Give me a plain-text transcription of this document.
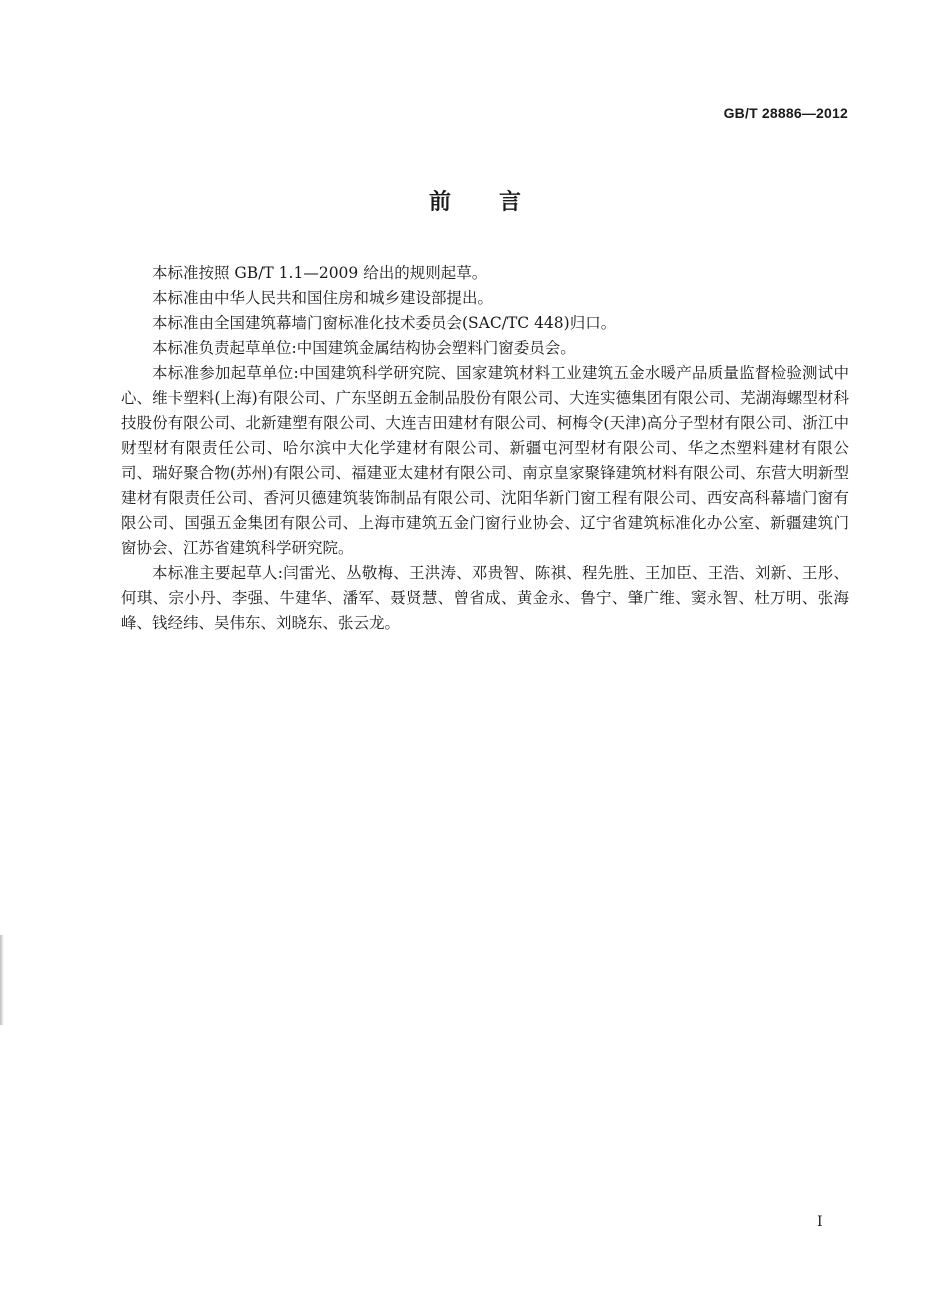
GB/T 28886—2012
前言

本标准按照 GB/T 1.1—2009 给出的规则起草。

本标准由中华人民共和国住房和城乡建设部提出。

本标准由全国建筑幕墙门窗标准化技术委员会(SAC/TC 448)归口。

本标准负责起草单位:中国建筑金属结构协会塑料门窗委员会。

本标准参加起草单位:中国建筑科学研究院、国家建筑材料工业建筑五金水暖产品质量监督检验测试中心、维卡塑料(上海)有限公司、广东坚朗五金制品股份有限公司、大连实德集团有限公司、芜湖海螺型材科技股份有限公司、北新建塑有限公司、大连吉田建材有限公司、柯梅令(天津)高分子型材有限公司、浙江中财型材有限责任公司、哈尔滨中大化学建材有限公司、新疆屯河型材有限公司、华之杰塑料建材有限公司、瑞好聚合物(苏州)有限公司、福建亚太建材有限公司、南京皇家聚锋建筑材料有限公司、东营大明新型建材有限责任公司、香河贝德建筑装饰制品有限公司、沈阳华新门窗工程有限公司、西安高科幕墙门窗有限公司、国强五金集团有限公司、上海市建筑五金门窗行业协会、辽宁省建筑标准化办公室、新疆建筑门窗协会、江苏省建筑科学研究院。

本标准主要起草人:闫雷光、丛敬梅、王洪涛、邓贵智、陈祺、程先胜、王加臣、王浩、刘新、王彤、何琪、宗小丹、李强、牛建华、潘军、聂贤慧、曾省成、黄金永、鲁宁、肇广维、窦永智、杜万明、张海峰、钱经纬、吴伟东、刘晓东、张云龙。

I
